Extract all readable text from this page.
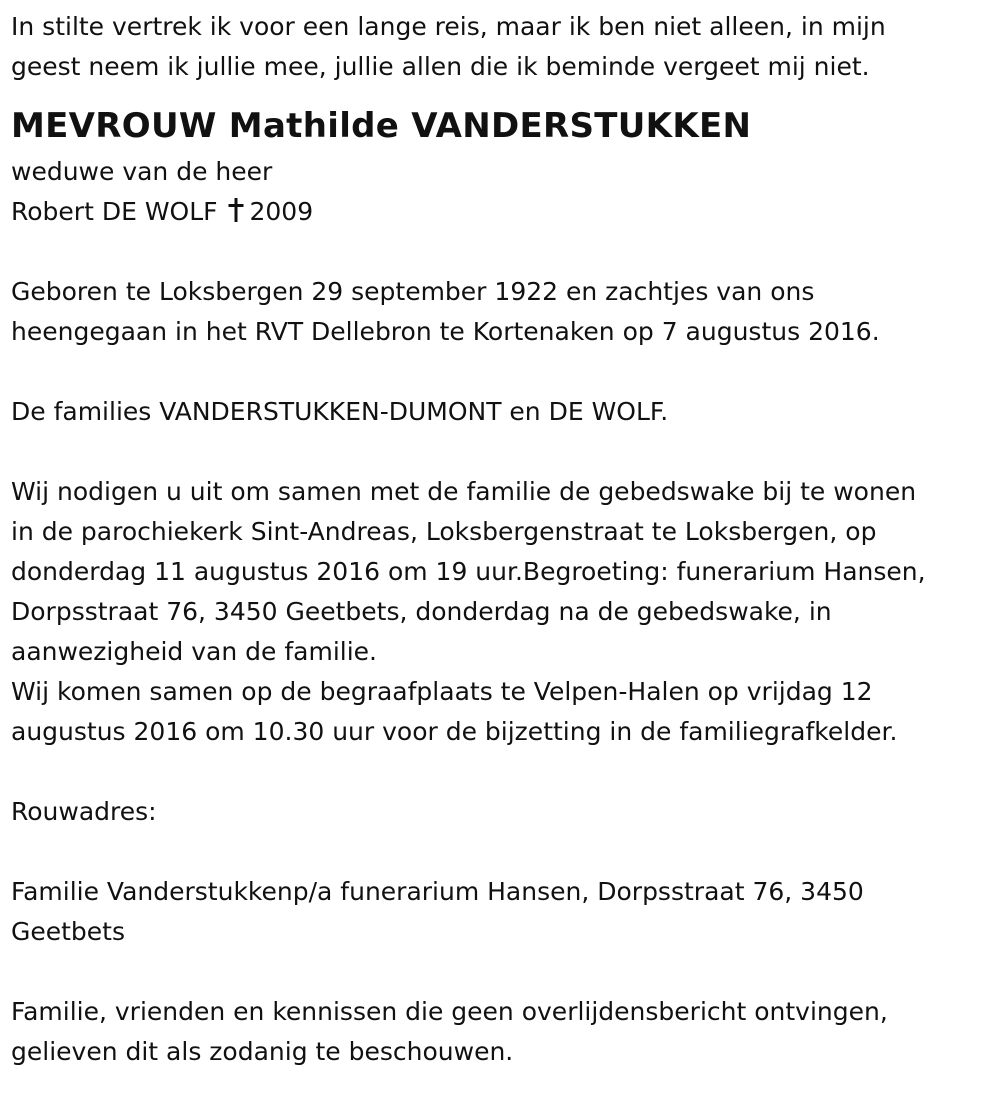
In stilte vertrek ik voor een lange reis, maar ik ben niet alleen, in mijn
geest neem ik jullie mee, jullie allen die ik beminde vergeet mij niet.
MEVROUW Mathilde VANDERSTUKKEN
weduwe van de heer
Robert DE WOLF 2009
Geboren te Loksbergen 29 september 1922 en zachtjes van ons
heengegaan in het RVT Dellebron te Kortenaken op 7 augustus 2016.
De families VANDERSTUKKEN-DUMONT en DE WOLF.
Wij nodigen u uit om samen met de familie de gebedswake bij te wonen
in de parochiekerk Sint-Andreas, Loksbergenstraat te Loksbergen, op
donderdag 11 augustus 2016 om 19 uur.Begroeting: funerarium Hansen,
Dorpsstraat 76, 3450 Geetbets, donderdag na de gebedswake, in
aanwezigheid van de familie.
Wij komen samen op de begraafplaats te Velpen-Halen op vrijdag 12
augustus 2016 om 10.30 uur voor de bijzetting in de familiegrafkelder.
Rouwadres:
Familie Vanderstukkenp/a funerarium Hansen, Dorpsstraat 76, 3450
Geetbets
Familie, vrienden en kennissen die geen overlijdensbericht ontvingen,
gelieven dit als zodanig te beschouwen.
